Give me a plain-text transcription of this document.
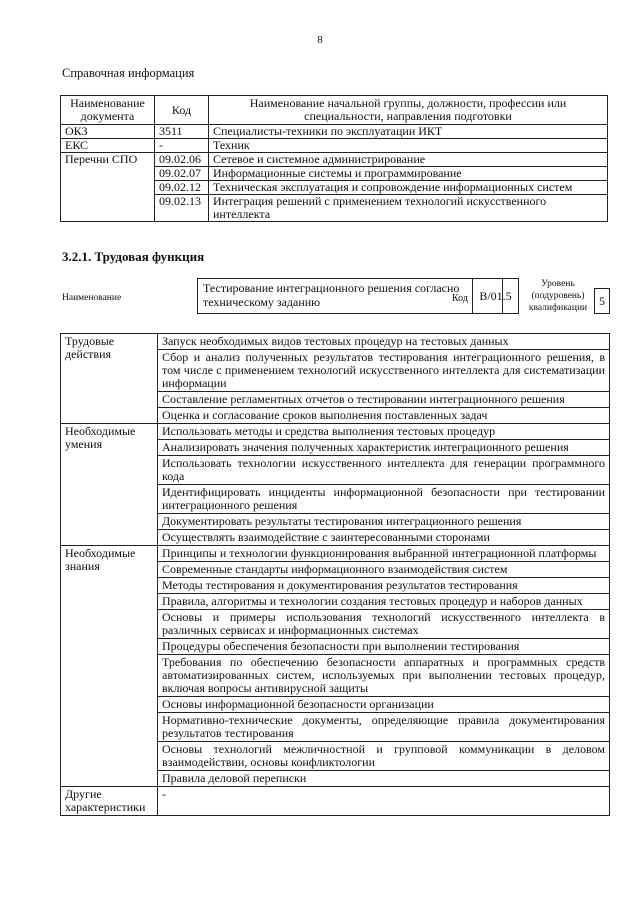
8
Справочная информация
Наименование документа	Код	Наименование начальной группы, должности, профессии или специальности, направления подготовки
ОКЗ	3511	Специалисты-техники по эксплуатации ИКТ
ЕКС	-	Техник
Перечни СПО	09.02.06	Сетевое и системное администрирование
	09.02.07	Информационные системы и программирование
	09.02.12	Техническая эксплуатация и сопровождение информационных систем
	09.02.13	Интеграция решений с применением технологий искусственного интеллекта
3.2.1. Трудовая функция
Наименование
Тестирование интеграционного решения согласно техническому заданию	Код B/01.5
Уровень (подуровень) квалификации 5
Трудовые действия	Запуск необходимых видов тестовых процедур на тестовых данных
	Сбор и анализ полученных результатов тестирования интеграционного решения, в том числе с применением технологий искусственного интеллекта для систематизации информации
	Составление регламентных отчетов о тестировании интеграционного решения
	Оценка и согласование сроков выполнения поставленных задач
Необходимые умения	Использовать методы и средства выполнения тестовых процедур
	Анализировать значения полученных характеристик интеграционного решения
	Использовать технологии искусственного интеллекта для генерации программного кода
	Идентифицировать инциденты информационной безопасности при тестировании интеграционного решения
	Документировать результаты тестирования интеграционного решения
	Осуществлять взаимодействие с заинтересованными сторонами
Необходимые знания	Принципы и технологии функционирования выбранной интеграционной платформы
	Современные стандарты информационного взаимодействия систем
	Методы тестирования и документирования результатов тестирования
	Правила, алгоритмы и технологии создания тестовых процедур и наборов данных
	Основы и примеры использования технологий искусственного интеллекта в различных сервисах и информационных системах
	Процедуры обеспечения безопасности при выполнении тестирования
	Требования по обеспечению безопасности аппаратных и программных средств автоматизированных систем, используемых при выполнении тестовых процедур, включая вопросы антивирусной защиты
	Основы информационной безопасности организации
	Нормативно-технические документы, определяющие правила документирования результатов тестирования
	Основы технологий межличностной и групповой коммуникации в деловом взаимодействии, основы конфликтологии
	Правила деловой переписки
Другие характеристики	-
